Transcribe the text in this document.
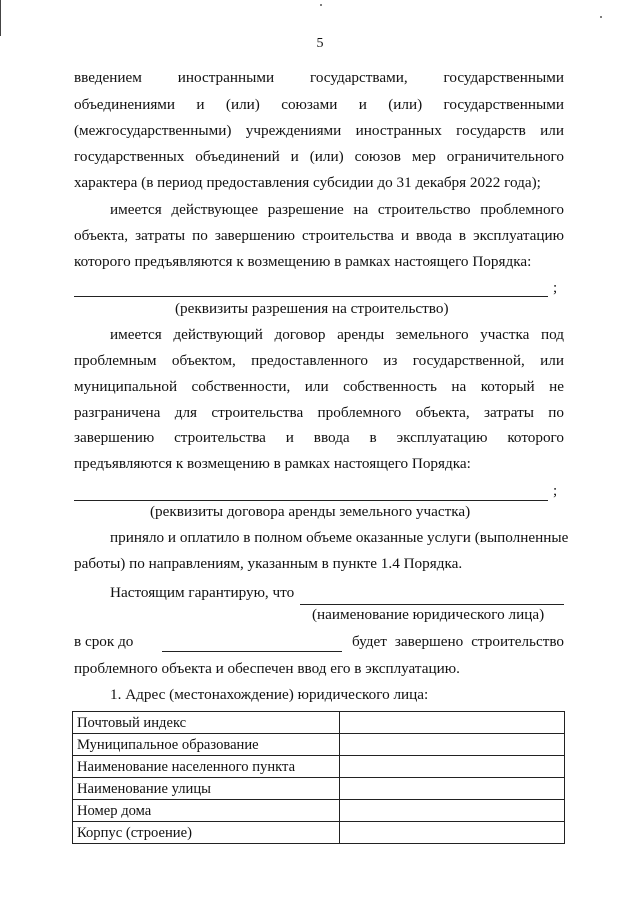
5
введением иностранными государствами, государственными
объединениями и (или) союзами и (или) государственными
(межгосударственными) учреждениями иностранных государств или
государственных объединений и (или) союзов мер ограничительного
характера (в период предоставления субсидии до 31 декабря 2022 года);
имеется действующее разрешение на строительство проблемного
объекта, затраты по завершению строительства и ввода в эксплуатацию
которого предъявляются к возмещению в рамках настоящего Порядка:
;
(реквизиты разрешения на строительство)
имеется действующий договор аренды земельного участка под
проблемным объектом, предоставленного из государственной, или
муниципальной собственности, или собственность на который не
разграничена для строительства проблемного объекта, затраты по
завершению строительства и ввода в эксплуатацию которого
предъявляются к возмещению в рамках настоящего Порядка:
;
(реквизиты договора аренды земельного участка)
приняло и оплатило в полном объеме оказанные услуги (выполненные
работы) по направлениям, указанным в пункте 1.4 Порядка.
Настоящим гарантирую, что
(наименование юридического лица)
в срок до	будет завершено строительство
проблемного объекта и обеспечен ввод его в эксплуатацию.
1. Адрес (местонахождение) юридического лица:
Почтовый индекс	
Муниципальное образование	
Наименование населенного пункта	
Наименование улицы	
Номер дома	
Корпус (строение)	
